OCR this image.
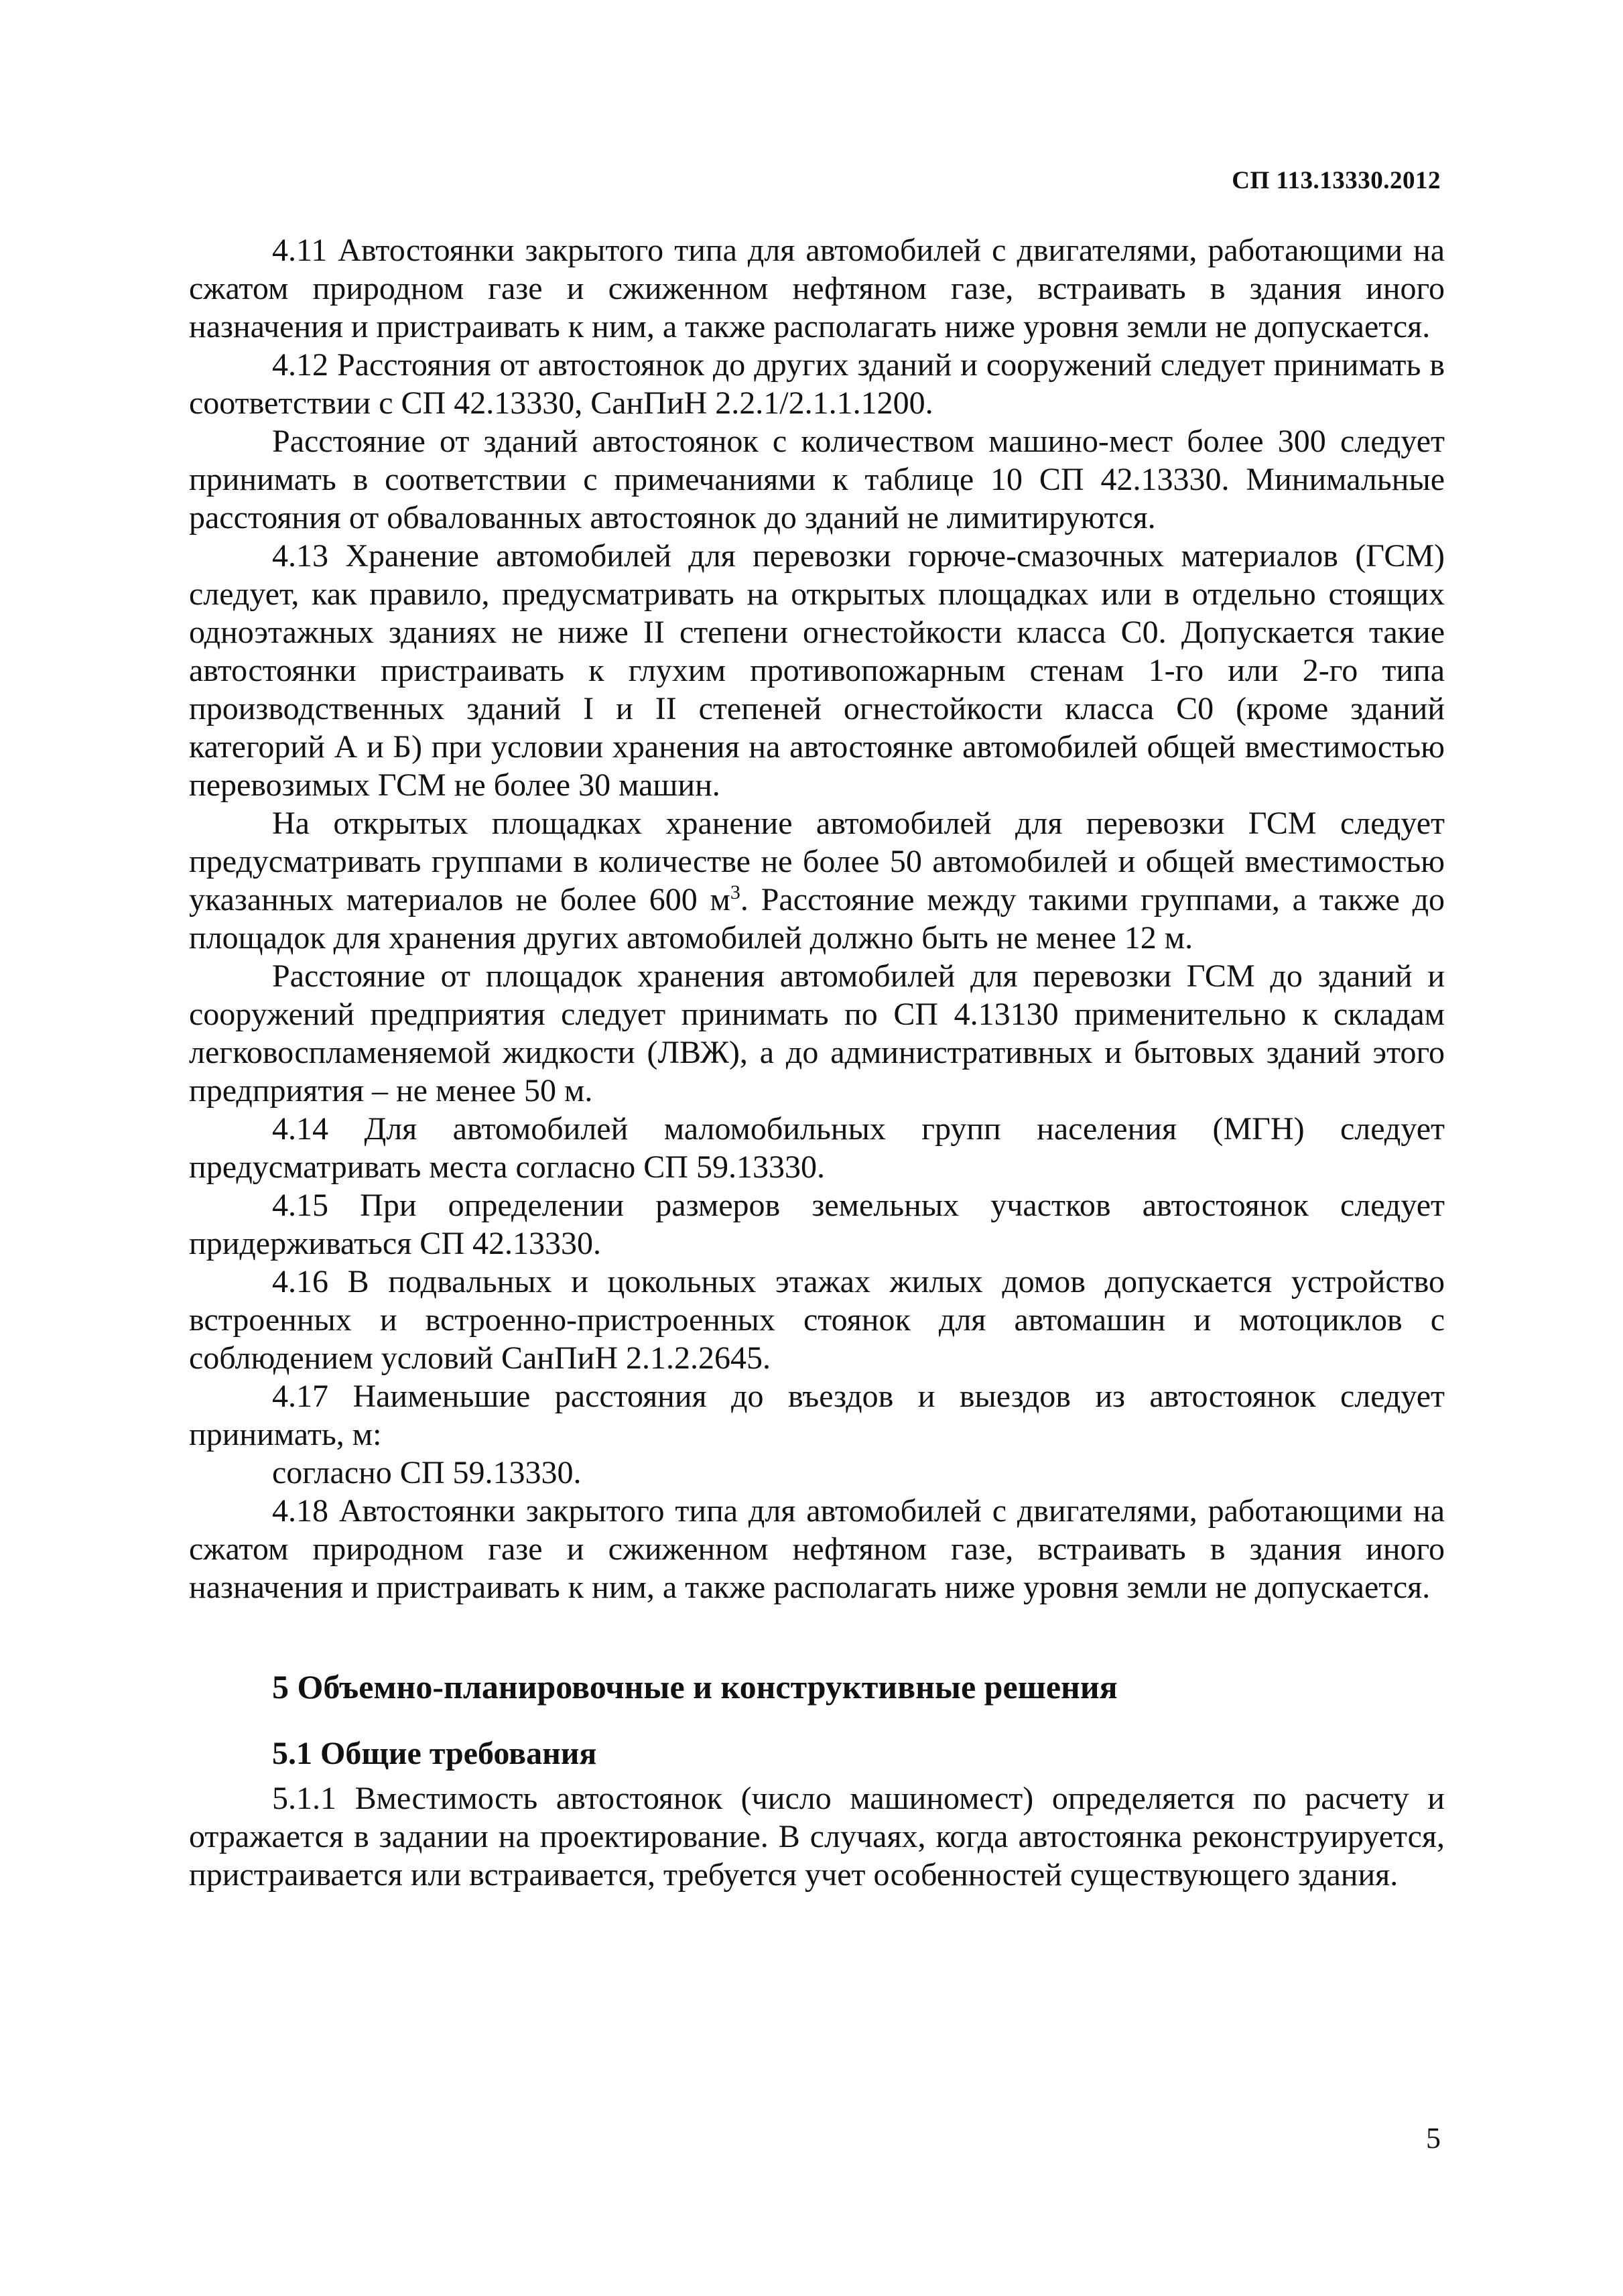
СП 113.13330.2012

4.11 Автостоянки закрытого типа для автомобилей с двигателями, работающими на сжатом природном газе и сжиженном нефтяном газе, встраивать в здания иного назначения и пристраивать к ним, а также располагать ниже уровня земли не допускается.

4.12 Расстояния от автостоянок до других зданий и сооружений следует принимать в соответствии с СП 42.13330, СанПиН 2.2.1/2.1.1.1200.

Расстояние от зданий автостоянок с количеством машино-мест более 300 следует принимать в соответствии с примечаниями к таблице 10 СП 42.13330. Минимальные расстояния от обвалованных автостоянок до зданий не лимитируются.

4.13 Хранение автомобилей для перевозки горюче-смазочных материалов (ГСМ) следует, как правило, предусматривать на открытых площадках или в отдельно стоящих одноэтажных зданиях не ниже II степени огнестойкости класса С0. Допускается такие автостоянки пристраивать к глухим противопожарным стенам 1-го или 2-го типа производственных зданий I и II степеней огнестойкости класса С0 (кроме зданий категорий А и Б) при условии хранения на автостоянке автомобилей общей вместимостью перевозимых ГСМ не более 30 машин.

На открытых площадках хранение автомобилей для перевозки ГСМ следует предусматривать группами в количестве не более 50 автомобилей и общей вместимостью указанных материалов не более 600 $м^3$. Расстояние между такими группами, а также до площадок для хранения других автомобилей должно быть не менее 12 м.

Расстояние от площадок хранения автомобилей для перевозки ГСМ до зданий и сооружений предприятия следует принимать по СП 4.13130 применительно к складам легковоспламеняемой жидкости (ЛВЖ), а до административных и бытовых зданий этого предприятия – не менее 50 м.

4.14 Для автомобилей маломобильных групп населения (МГН) следует предусматривать места согласно СП 59.13330.

4.15 При определении размеров земельных участков автостоянок следует придерживаться СП 42.13330.

4.16 В подвальных и цокольных этажах жилых домов допускается устройство встроенных и встроенно-пристроенных стоянок для автомашин и мотоциклов с соблюдением условий СанПиН 2.1.2.2645.

4.17 Наименьшие расстояния до въездов и выездов из автостоянок следует принимать, м:

согласно СП 59.13330.

4.18 Автостоянки закрытого типа для автомобилей с двигателями, работающими на сжатом природном газе и сжиженном нефтяном газе, встраивать в здания иного назначения и пристраивать к ним, а также располагать ниже уровня земли не допускается.

5 Объемно-планировочные и конструктивные решения
5.1 Общие требования

5.1.1 Вместимость автостоянок (число машиномест) определяется по расчету и отражается в задании на проектирование. В случаях, когда автостоянка реконструируется, пристраивается или встраивается, требуется учет особенностей существующего здания.

5
